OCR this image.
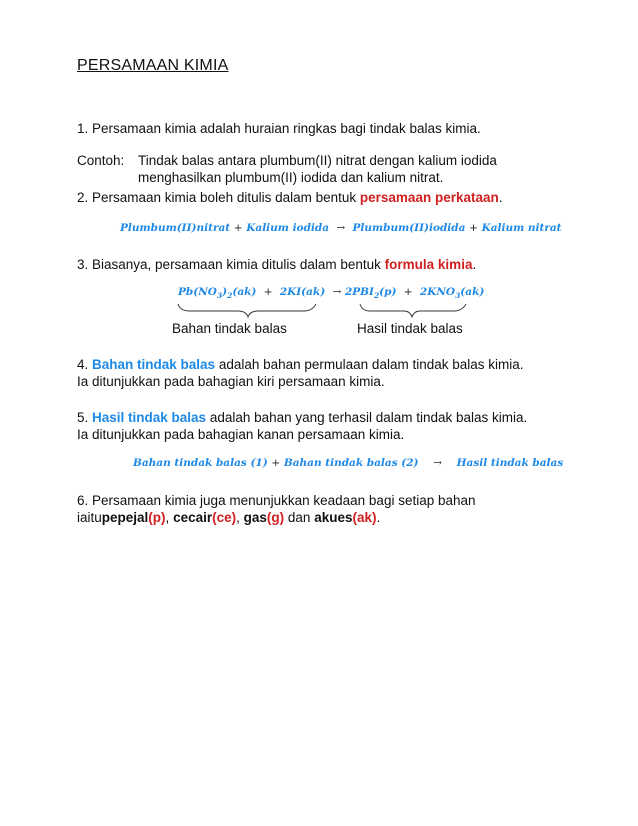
PERSAMAAN KIMIA
1. Persamaan kimia adalah huraian ringkas bagi tindak balas kimia.
Contoh: Tindak balas antara plumbum(II) nitrat dengan kalium iodida
menghasilkan plumbum(II) iodida dan kalium nitrat.
2. Persamaan kimia boleh ditulis dalam bentuk persamaan perkataan.
Plumbum(II)nitrat + Kalium iodida → Plumbum(II)iodida + Kalium nitrat
3. Biasanya, persamaan kimia ditulis dalam bentuk formula kimia.
$Pb(NO_3)_2(ak) + 2KI(ak) \to 2PBI_2(p) + 2KNO_3(ak)$
Bahan tindak balas	Hasil tindak balas
4. Bahan tindak balas adalah bahan permulaan dalam tindak balas kimia.
Ia ditunjukkan pada bahagian kiri persamaan kimia.
5. Hasil tindak balas adalah bahan yang terhasil dalam tindak balas kimia.
Ia ditunjukkan pada bahagian kanan persamaan kimia.
Bahan tindak balas (1) + Bahan tindak balas (2) → Hasil tindak balas
6. Persamaan kimia juga menunjukkan keadaan bagi setiap bahan
iaitupepejal(p), cecair(ce), gas(g) dan akues(ak).
